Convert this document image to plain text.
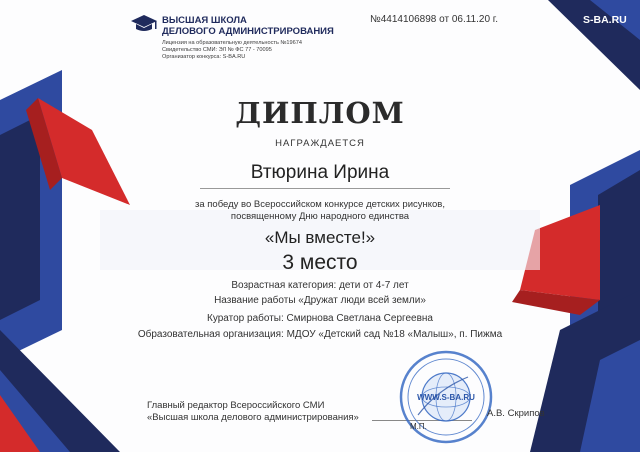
ВЫСШАЯ ШКОЛА
ДЕЛОВОГО АДМИНИСТРИРОВАНИЯ
Лицензия на образовательную деятельность №19674
Свидетельство СМИ: ЭЛ № ФС 77 - 70095
Организатор конкурса: S-BA.RU
№4414106898 от 06.11.20 г.	S-BA.RU
ДИПЛОМ
НАГРАЖДАЕТСЯ
Втюрина Ирина
за победу во Всероссийском конкурсе детских рисунков,
посвященному Дню народного единства
«Мы вместе!»
3 место
Возрастная категория: дети от 4-7 лет
Название работы «Дружат люди всей земли»
Куратор работы: Смирнова Светлана Сергеевна
Образовательная организация: МДОУ «Детский сад №18 «Малыш», п. Пижма
Главный редактор Всероссийского СМИ
«Высшая школа делового администрирования»
WWW.S-BA.RU
М.П.
А.В. Скрипов
